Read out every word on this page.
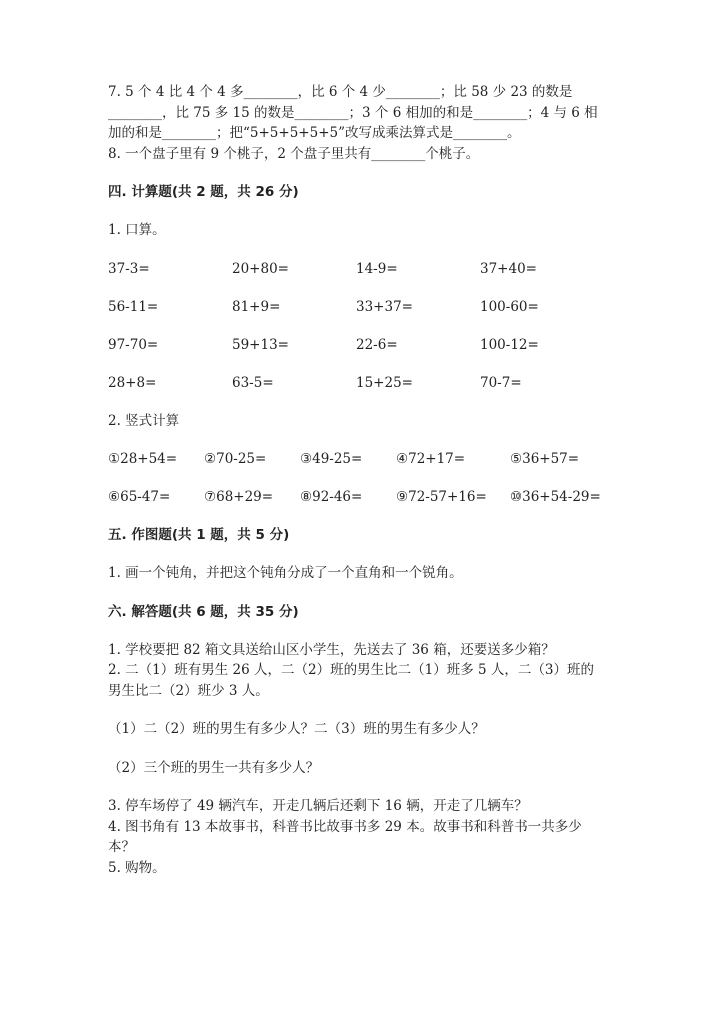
7. 5 个 4 比 4 个 4 多________，比 6 个 4 少________；比 58 少 23 的数是
________，比 75 多 15 的数是________；3 个 6 相加的和是________；4 与 6 相
加的和是________；把“5+5+5+5+5”改写成乘法算式是________。
8. 一个盘子里有 9 个桃子，2 个盘子里共有________个桃子。
四. 计算题(共 2 题，共 26 分)
1. 口算。
37-3=	20+80=	14-9=	37+40=
56-11=	81+9=	33+37=	100-60=
97-70=	59+13=	22-6=	100-12=
28+8=	63-5=	15+25=	70-7=
2. 竖式计算
①28+54=	②70-25=	③49-25=	④72+17=	⑤36+57=
⑥65-47=	⑦68+29=	⑧92-46=	⑨72-57+16=	⑩36+54-29=
五. 作图题(共 1 题，共 5 分)
1. 画一个钝角，并把这个钝角分成了一个直角和一个锐角。
六. 解答题(共 6 题，共 35 分)
1. 学校要把 82 箱文具送给山区小学生，先送去了 36 箱，还要送多少箱？
2. 二（1）班有男生 26 人，二（2）班的男生比二（1）班多 5 人，二（3）班的
男生比二（2）班少 3 人。
（1）二（2）班的男生有多少人？二（3）班的男生有多少人？
（2）三个班的男生一共有多少人？
3. 停车场停了 49 辆汽车，开走几辆后还剩下 16 辆，开走了几辆车？
4. 图书角有 13 本故事书，科普书比故事书多 29 本。故事书和科普书一共多少
本？
5. 购物。
